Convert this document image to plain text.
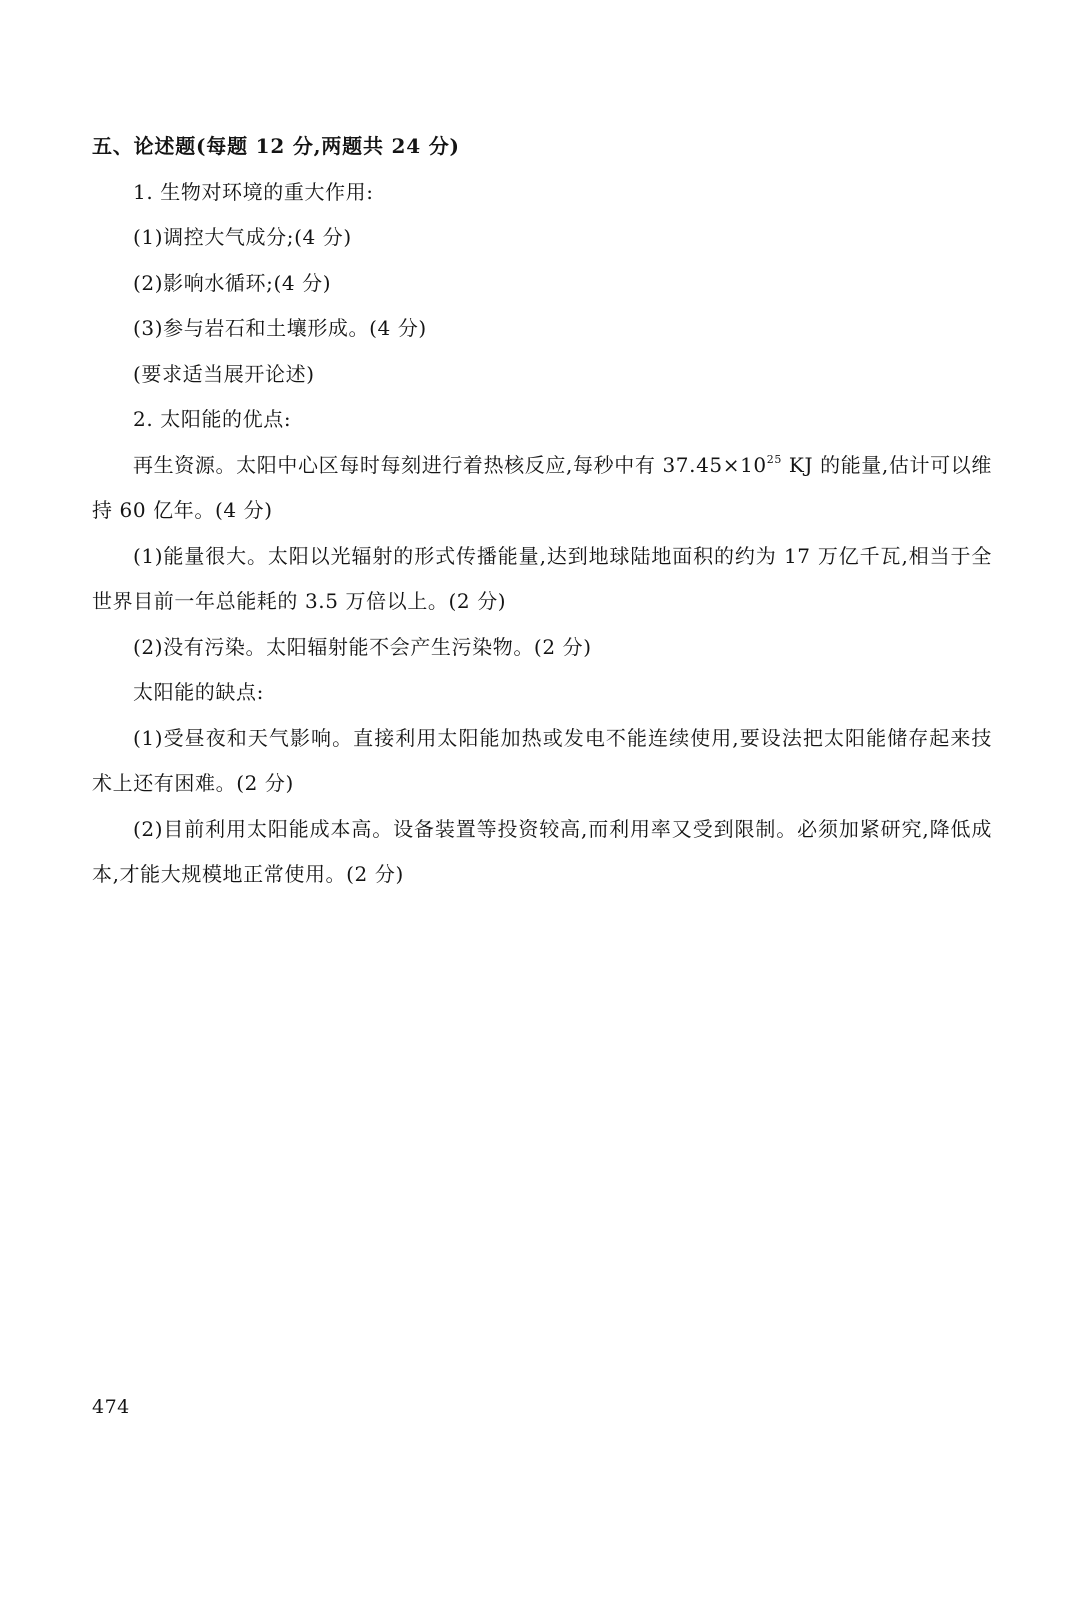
五、论述题(每题 12 分,两题共 24 分)
1. 生物对环境的重大作用:
(1)调控大气成分;(4 分)
(2)影响水循环;(4 分)
(3)参与岩石和土壤形成。(4 分)
(要求适当展开论述)
2. 太阳能的优点:
再生资源。太阳中心区每时每刻进行着热核反应,每秒中有 $37.45\times 10^{25}$ KJ 的能量,估计可以维持 60 亿年。(4 分)
(1)能量很大。太阳以光辐射的形式传播能量,达到地球陆地面积的约为 17 万亿千瓦,相当于全世界目前一年总能耗的 3.5 万倍以上。(2 分)
(2)没有污染。太阳辐射能不会产生污染物。(2 分)
太阳能的缺点:
(1)受昼夜和天气影响。直接利用太阳能加热或发电不能连续使用,要设法把太阳能储存起来技术上还有困难。(2 分)
(2)目前利用太阳能成本高。设备装置等投资较高,而利用率又受到限制。必须加紧研究,降低成本,才能大规模地正常使用。(2 分)
474
